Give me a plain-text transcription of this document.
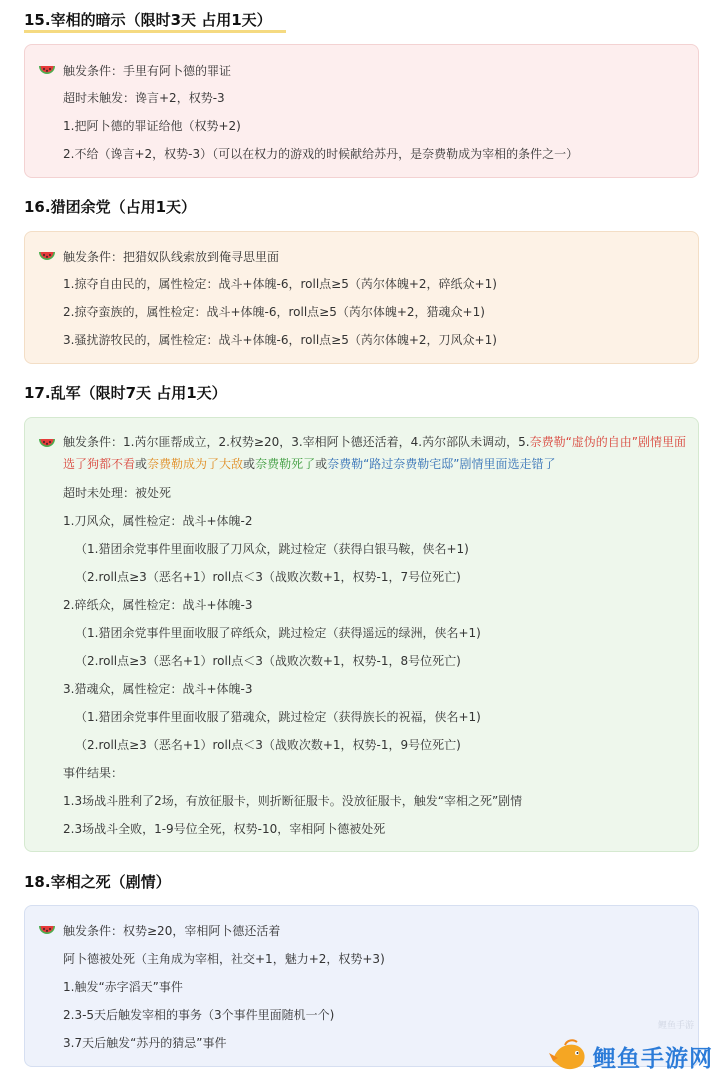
15.宰相的暗示（限时3天 占用1天）
触发条件：手里有阿卜德的罪证
超时未触发：谗言+2，权势-3
1.把阿卜德的罪证给他（权势+2)
2.不给（谗言+2，权势-3）（可以在权力的游戏的时候献给苏丹，是奈费勒成为宰相的条件之一）
16.猎团余党（占用1天）
触发条件：把猎奴队线索放到俺寻思里面
1.掠夺自由民的，属性检定：战斗+体魄-6，roll点≥5（芮尔体魄+2，碎纸众+1)
2.掠夺蛮族的，属性检定：战斗+体魄-6，roll点≥5（芮尔体魄+2，猎魂众+1)
3.骚扰游牧民的，属性检定：战斗+体魄-6，roll点≥5（芮尔体魄+2，刀风众+1)
17.乱军（限时7天 占用1天）
触发条件：1.芮尔匪帮成立，2.权势≥20，3.宰相阿卜德还活着，4.芮尔部队未调动，5.奈费勒“虚伪的自由”剧情里面选了狗都不看或奈费勒成为了大敌或奈费勒死了或奈费勒“路过奈费勒宅邸”剧情里面选走错了
超时未处理：被处死
1.刀风众，属性检定：战斗+体魄-2
（1.猎团余党事件里面收服了刀风众，跳过检定（获得白银马鞍，侠名+1)
（2.roll点≥3（恶名+1）roll点＜3（战败次数+1，权势-1，7号位死亡)
2.碎纸众，属性检定：战斗+体魄-3
（1.猎团余党事件里面收服了碎纸众，跳过检定（获得遥远的绿洲，侠名+1)
（2.roll点≥3（恶名+1）roll点＜3（战败次数+1，权势-1，8号位死亡)
3.猎魂众，属性检定：战斗+体魄-3
（1.猎团余党事件里面收服了猎魂众，跳过检定（获得族长的祝福，侠名+1)
（2.roll点≥3（恶名+1）roll点＜3（战败次数+1，权势-1，9号位死亡)
事件结果：
1.3场战斗胜利了2场，有放征服卡，则折断征服卡。没放征服卡，触发“宰相之死”剧情
2.3场战斗全败，1-9号位全死，权势-10，宰相阿卜德被处死
18.宰相之死（剧情）
触发条件：权势≥20，宰相阿卜德还活着
阿卜德被处死（主角成为宰相，社交+1，魅力+2，权势+3)
1.触发“赤字滔天”事件
2.3-5天后触发宰相的事务（3个事件里面随机一个)
3.7天后触发“苏丹的猜忌”事件
鲤鱼手游
鲤鱼手游网
